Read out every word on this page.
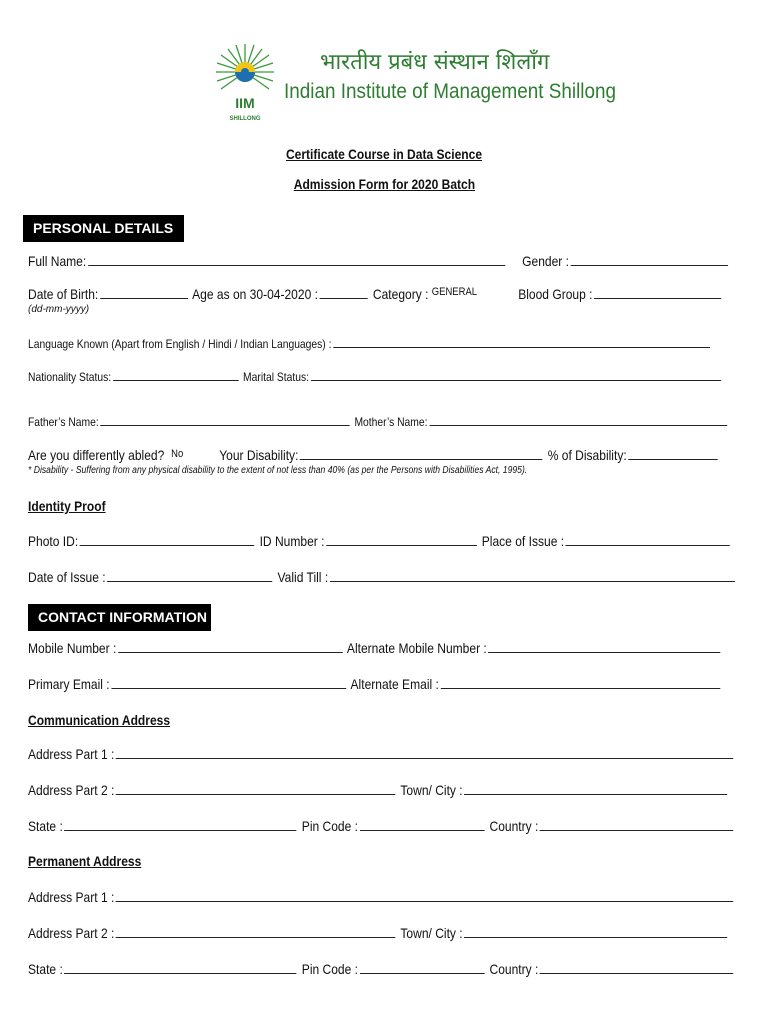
IIM
SHILLONG
भारतीय प्रबंध संस्थान शिलाँग
Indian Institute of Management Shillong
Certificate Course in Data Science
Admission Form for 2020 Batch
PERSONAL DETAILS
Full Name:	Gender :
Date of Birth:	Age as on 30-04-2020 :	Category : $^{GENERAL}$	Blood Group :
(dd-mm-yyyy)
Language Known (Apart from English / Hindi / Indian Languages) :
Nationality Status:	Marital Status:
Father’s Name:	Mother’s Name:
Are you differently abled? $^{No}$	Your Disability:	% of Disability:
* Disability - Suffering from any physical disability to the extent of not less than 40% (as per the Persons with Disabilities Act, 1995).
Identity Proof
Photo ID:	ID Number :	Place of Issue :
Date of Issue :	Valid Till :
CONTACT INFORMATION
Mobile Number :	Alternate Mobile Number :
Primary Email :	Alternate Email :
Communication Address
Address Part 1 :
Address Part 2 :	Town/ City :
State :	Pin Code :	Country :
Permanent Address
Address Part 1 :
Address Part 2 :	Town/ City :
State :	Pin Code :	Country :
